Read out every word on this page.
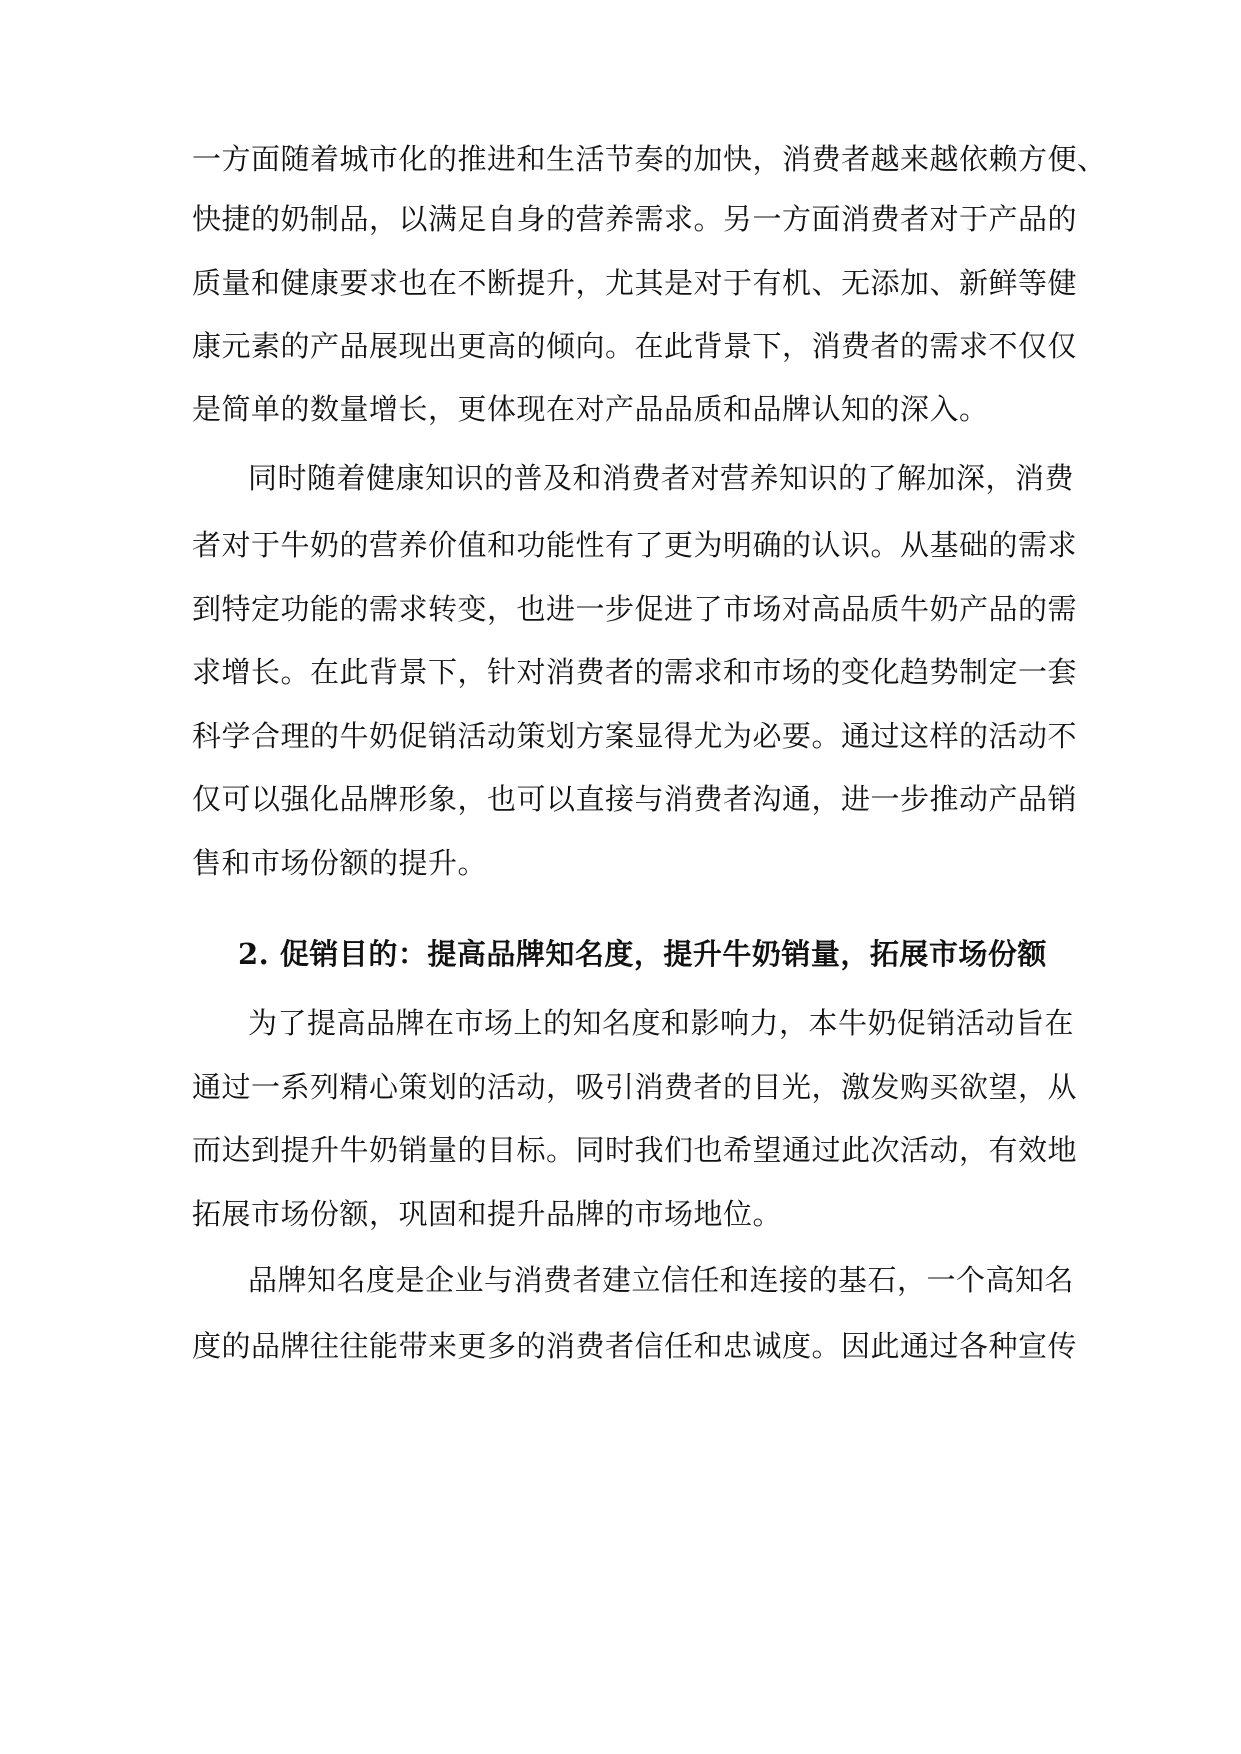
一方面随着城市化的推进和生活节奏的加快，消费者越来越依赖方便、
快捷的奶制品，以满足自身的营养需求。另一方面消费者对于产品的
质量和健康要求也在不断提升，尤其是对于有机、无添加、新鲜等健
康元素的产品展现出更高的倾向。在此背景下，消费者的需求不仅仅
是简单的数量增长，更体现在对产品品质和品牌认知的深入。
同时随着健康知识的普及和消费者对营养知识的了解加深，消费
者对于牛奶的营养价值和功能性有了更为明确的认识。从基础的需求
到特定功能的需求转变，也进一步促进了市场对高品质牛奶产品的需
求增长。在此背景下，针对消费者的需求和市场的变化趋势制定一套
科学合理的牛奶促销活动策划方案显得尤为必要。通过这样的活动不
仅可以强化品牌形象，也可以直接与消费者沟通，进一步推动产品销
售和市场份额的提升。
2. 促销目的：提高品牌知名度，提升牛奶销量，拓展市场份额
为了提高品牌在市场上的知名度和影响力，本牛奶促销活动旨在
通过一系列精心策划的活动，吸引消费者的目光，激发购买欲望，从
而达到提升牛奶销量的目标。同时我们也希望通过此次活动，有效地
拓展市场份额，巩固和提升品牌的市场地位。
品牌知名度是企业与消费者建立信任和连接的基石，一个高知名
度的品牌往往能带来更多的消费者信任和忠诚度。因此通过各种宣传
